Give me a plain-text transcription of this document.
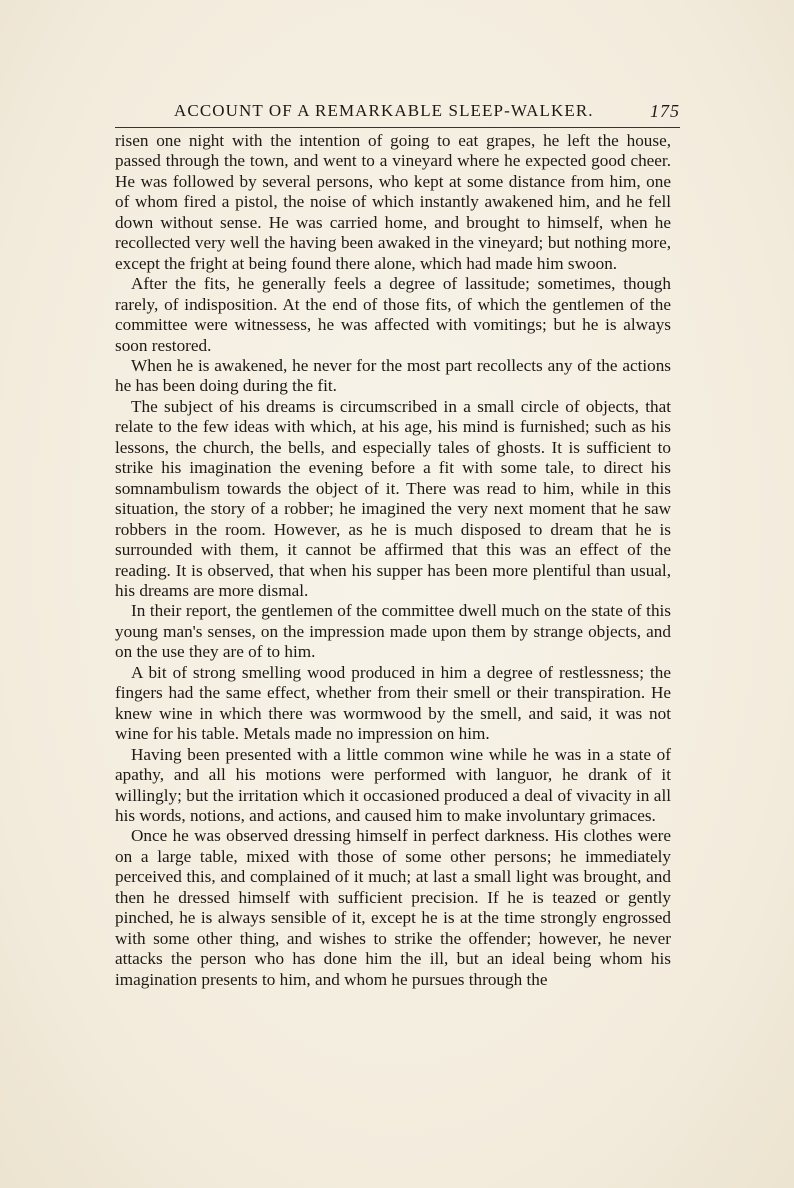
ACCOUNT OF A REMARKABLE SLEEP-WALKER.	175

risen one night with the intention of going to eat grapes, he left the house, passed through the town, and went to a vineyard where he expected good cheer. He was followed by several persons, who kept at some distance from him, one of whom fired a pistol, the noise of which instantly awakened him, and he fell down without sense. He was carried home, and brought to himself, when he recollected very well the having been awaked in the vineyard; but nothing more, except the fright at being found there alone, which had made him swoon.

After the fits, he generally feels a degree of lassitude; sometimes, though rarely, of indisposition. At the end of those fits, of which the gentlemen of the committee were witnessess, he was affected with vomitings; but he is always soon restored.

When he is awakened, he never for the most part recollects any of the actions he has been doing during the fit.

The subject of his dreams is circumscribed in a small circle of objects, that relate to the few ideas with which, at his age, his mind is furnished; such as his lessons, the church, the bells, and especially tales of ghosts. It is sufficient to strike his imagination the evening before a fit with some tale, to direct his somnambulism towards the object of it. There was read to him, while in this situation, the story of a robber; he imagined the very next moment that he saw robbers in the room. However, as he is much disposed to dream that he is surrounded with them, it cannot be affirmed that this was an effect of the reading. It is observed, that when his supper has been more plentiful than usual, his dreams are more dismal.

In their report, the gentlemen of the committee dwell much on the state of this young man's senses, on the impression made upon them by strange objects, and on the use they are of to him.

A bit of strong smelling wood produced in him a degree of restlessness; the fingers had the same effect, whether from their smell or their transpiration. He knew wine in which there was wormwood by the smell, and said, it was not wine for his table. Metals made no impression on him.

Having been presented with a little common wine while he was in a state of apathy, and all his motions were performed with languor, he drank of it willingly; but the irritation which it occasioned produced a deal of vivacity in all his words, notions, and actions, and caused him to make involuntary grimaces.

Once he was observed dressing himself in perfect darkness. His clothes were on a large table, mixed with those of some other persons; he immediately perceived this, and complained of it much; at last a small light was brought, and then he dressed himself with sufficient precision. If he is teazed or gently pinched, he is always sensible of it, except he is at the time strongly engrossed with some other thing, and wishes to strike the offender; however, he never attacks the person who has done him the ill, but an ideal being whom his imagination presents to him, and whom he pursues through the
